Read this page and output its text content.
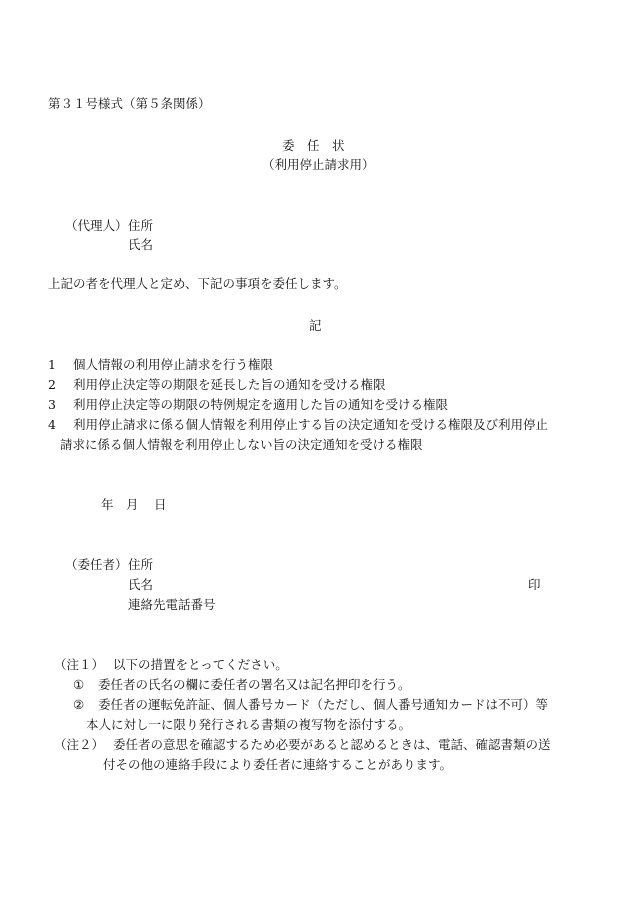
第３１号様式（第５条関係）
委　任　状
（利用停止請求用）
（代理人） 住所
氏名
上記の者を代理人と定め、下記の事項を委任します。
記
1 個人情報の利用停止請求を行う権限
2 利用停止決定等の期限を延長した旨の通知を受ける権限
3 利用停止決定等の期限の特例規定を適用した旨の通知を受ける権限
4 利用停止請求に係る個人情報を利用停止する旨の決定通知を受ける権限及び利用停止
請求に係る個人情報を利用停止しない旨の決定通知を受ける権限
年 月 日
（委任者） 住所
氏名	印
連絡先電話番号
（注１） 以下の措置をとってください。
① 委任者の氏名の欄に委任者の署名又は記名押印を行う。
② 委任者の運転免許証、個人番号カード（ただし、個人番号通知カードは不可）等
本人に対し一に限り発行される書類の複写物を添付する。
（注２） 委任者の意思を確認するため必要があると認めるときは、電話、確認書類の送
付その他の連絡手段により委任者に連絡することがあります。
